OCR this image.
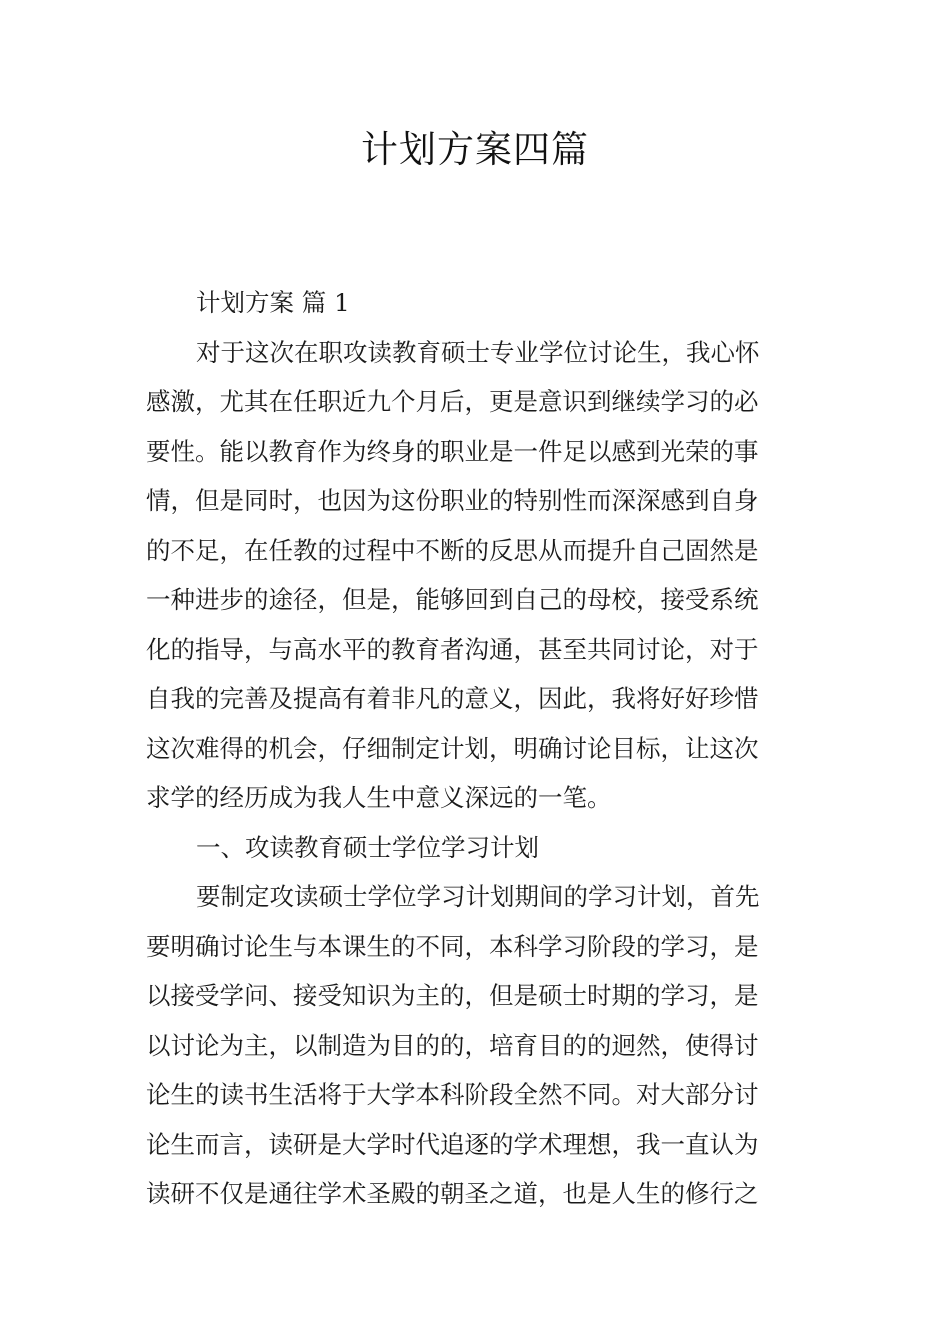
计划方案四篇
计划方案 篇 1
对于这次在职攻读教育硕士专业学位讨论生，我心怀
感激，尤其在任职近九个月后，更是意识到继续学习的必
要性。能以教育作为终身的职业是一件足以感到光荣的事
情，但是同时，也因为这份职业的特别性而深深感到自身
的不足，在任教的过程中不断的反思从而提升自己固然是
一种进步的途径，但是，能够回到自己的母校，接受系统
化的指导，与高水平的教育者沟通，甚至共同讨论，对于
自我的完善及提高有着非凡的意义，因此，我将好好珍惜
这次难得的机会，仔细制定计划，明确讨论目标，让这次
求学的经历成为我人生中意义深远的一笔。
一、攻读教育硕士学位学习计划
要制定攻读硕士学位学习计划期间的学习计划，首先
要明确讨论生与本课生的不同，本科学习阶段的学习，是
以接受学问、接受知识为主的，但是硕士时期的学习，是
以讨论为主，以制造为目的的，培育目的的迥然，使得讨
论生的读书生活将于大学本科阶段全然不同。对大部分讨
论生而言，读研是大学时代追逐的学术理想，我一直认为
读研不仅是通往学术圣殿的朝圣之道，也是人生的修行之
